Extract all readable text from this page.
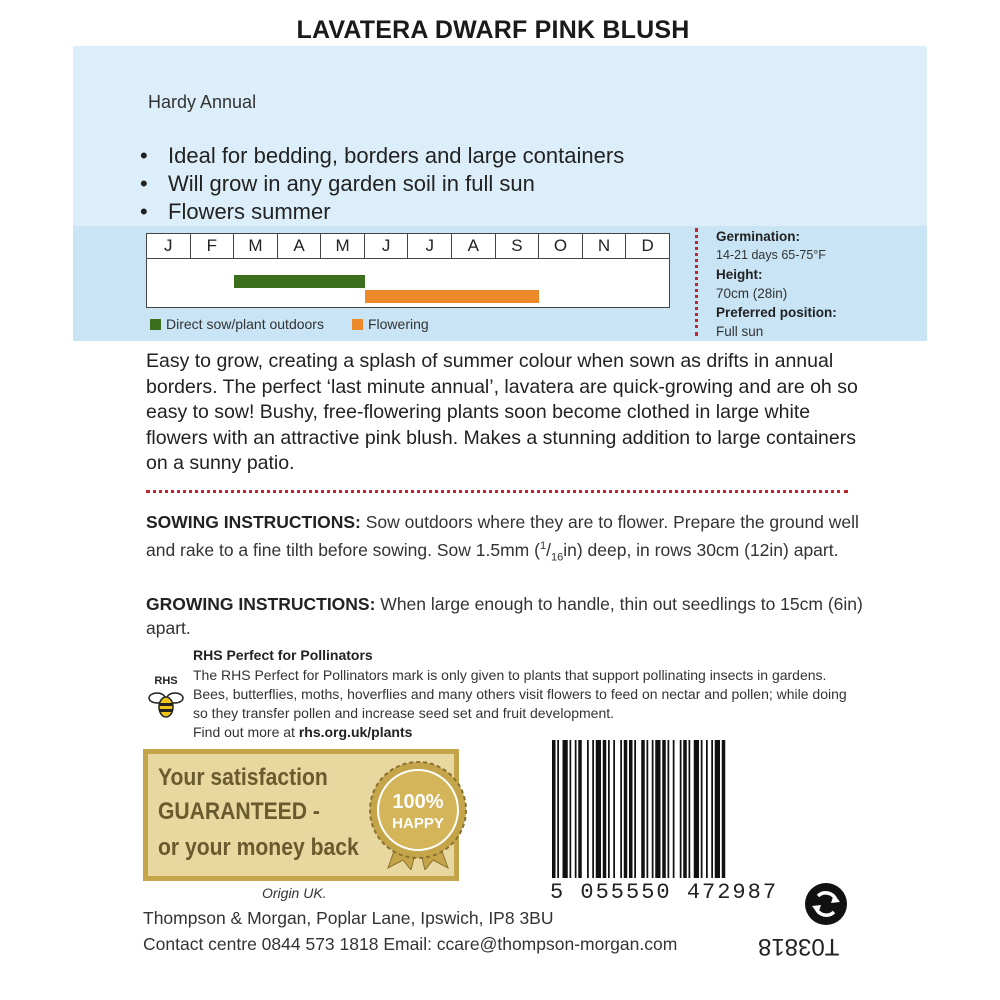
LAVATERA DWARF PINK BLUSH
Hardy Annual
• Ideal for bedding, borders and large containers
• Will grow in any garden soil in full sun
• Flowers summer
J	F	M	A	M	J	J	A	S	O	N	D
Direct sow/plant outdoors	Flowering
Germination:
14-21 days 65-75°F
Height:
70cm (28in)
Preferred position:
Full sun
Easy to grow, creating a splash of summer colour when sown as drifts in annual borders. The perfect ‘last minute annual’, lavatera are quick-growing and are oh so easy to sow! Bushy, free-flowering plants soon become clothed in large white flowers with an attractive pink blush. Makes a stunning addition to large containers on a sunny patio.
SOWING INSTRUCTIONS: Sow outdoors where they are to flower. Prepare the ground well and rake to a fine tilth before sowing. Sow 1.5mm $(^1/_{16}in)$ deep, in rows 30cm (12in) apart.
GROWING INSTRUCTIONS: When large enough to handle, thin out seedlings to 15cm (6in) apart.
RHS
RHS Perfect for Pollinators
The RHS Perfect for Pollinators mark is only given to plants that support pollinating insects in gardens. Bees, butterflies, moths, hoverflies and many others visit flowers to feed on nectar and pollen; while doing so they transfer pollen and increase seed set and fruit development.
Find out more at rhs.org.uk/plants
Your satisfaction
GUARANTEED -
or your money back
100%
HAPPY
Origin UK.
Thompson & Morgan, Poplar Lane, Ipswich, IP8 3BU
Contact centre 0844 573 1818 Email: ccare@thompson-morgan.com
5 055550 472987
T03818
